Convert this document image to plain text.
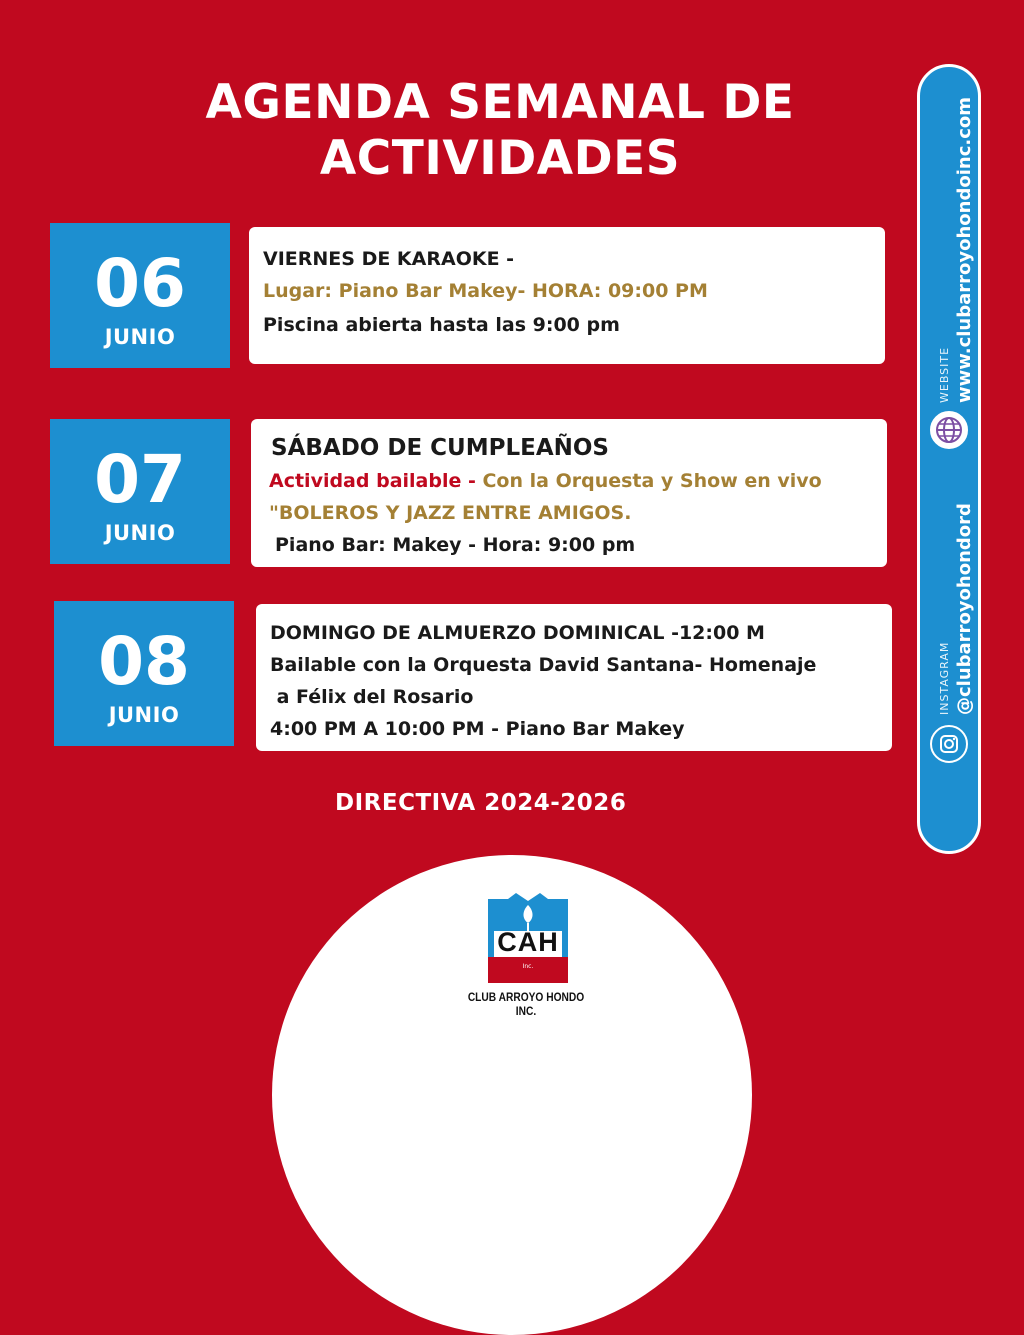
AGENDA SEMANAL DE
ACTIVIDADES
06
JUNIO
VIERNES DE KARAOKE -
Lugar: Piano Bar Makey- HORA: 09:00 PM
Piscina abierta hasta las 9:00 pm
07
JUNIO
SÁBADO DE CUMPLEAÑOS
Actividad bailable - Con la Orquesta y Show en vivo
"BOLEROS Y JAZZ ENTRE AMIGOS.
Piano Bar: Makey - Hora: 9:00 pm
08
JUNIO
DOMINGO DE ALMUERZO DOMINICAL -12:00 M
Bailable con la Orquesta David Santana- Homenaje
a Félix del Rosario
4:00 PM A 10:00 PM - Piano Bar Makey
DIRECTIVA 2024-2026
WEBSITE www.clubarroyohondoinc.com
INSTAGRAM @clubarroyohondord
CAH
Inc.
CLUB ARROYO HONDO INC.
